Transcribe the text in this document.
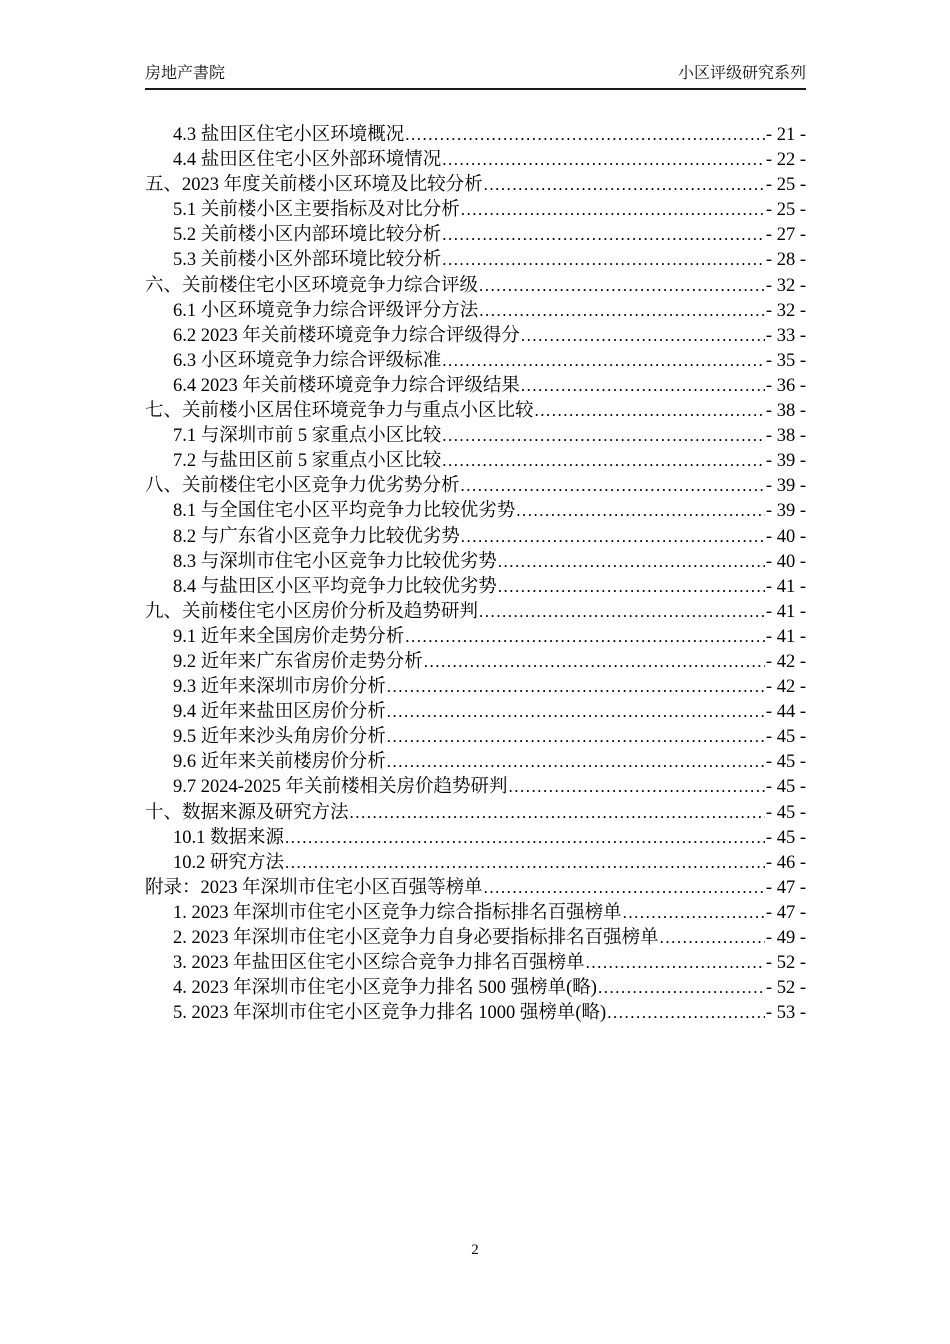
房地产書院	小区评级研究系列
4.3 盐田区住宅小区环境概况 .....	- 21 -
4.4 盐田区住宅小区外部环境情况 .....	- 22 -
五、2023 年度关前楼小区环境及比较分析 .....	- 25 -
5.1 关前楼小区主要指标及对比分析 .....	- 25 -
5.2 关前楼小区内部环境比较分析 .....	- 27 -
5.3 关前楼小区外部环境比较分析 .....	- 28 -
六、关前楼住宅小区环境竞争力综合评级 .....	- 32 -
6.1 小区环境竞争力综合评级评分方法 .....	- 32 -
6.2 2023 年关前楼环境竞争力综合评级得分 .....	- 33 -
6.3 小区环境竞争力综合评级标准 .....	- 35 -
6.4 2023 年关前楼环境竞争力综合评级结果 .....	- 36 -
七、关前楼小区居住环境竞争力与重点小区比较 .....	- 38 -
7.1 与深圳市前 5 家重点小区比较 .....	- 38 -
7.2 与盐田区前 5 家重点小区比较 .....	- 39 -
八、关前楼住宅小区竞争力优劣势分析 .....	- 39 -
8.1 与全国住宅小区平均竞争力比较优劣势 .....	- 39 -
8.2 与广东省小区竞争力比较优劣势 .....	- 40 -
8.3 与深圳市住宅小区竞争力比较优劣势 .....	- 40 -
8.4 与盐田区小区平均竞争力比较优劣势 .....	- 41 -
九、关前楼住宅小区房价分析及趋势研判 .....	- 41 -
9.1 近年来全国房价走势分析 .....	- 41 -
9.2 近年来广东省房价走势分析 .....	- 42 -
9.3 近年来深圳市房价分析 .....	- 42 -
9.4 近年来盐田区房价分析 .....	- 44 -
9.5 近年来沙头角房价分析 .....	- 45 -
9.6 近年来关前楼房价分析 .....	- 45 -
9.7 2024-2025 年关前楼相关房价趋势研判 .....	- 45 -
十、数据来源及研究方法 .....	- 45 -
10.1 数据来源 .....	- 45 -
10.2 研究方法 .....	- 46 -
附录：2023 年深圳市住宅小区百强等榜单 .....	- 47 -
1. 2023 年深圳市住宅小区竞争力综合指标排名百强榜单 .....	- 47 -
2. 2023 年深圳市住宅小区竞争力自身必要指标排名百强榜单 .....	- 49 -
3. 2023 年盐田区住宅小区综合竞争力排名百强榜单 .....	- 52 -
4. 2023 年深圳市住宅小区竞争力排名 500 强榜单(略) .....	- 52 -
5. 2023 年深圳市住宅小区竞争力排名 1000 强榜单(略) .....	- 53 -
2
